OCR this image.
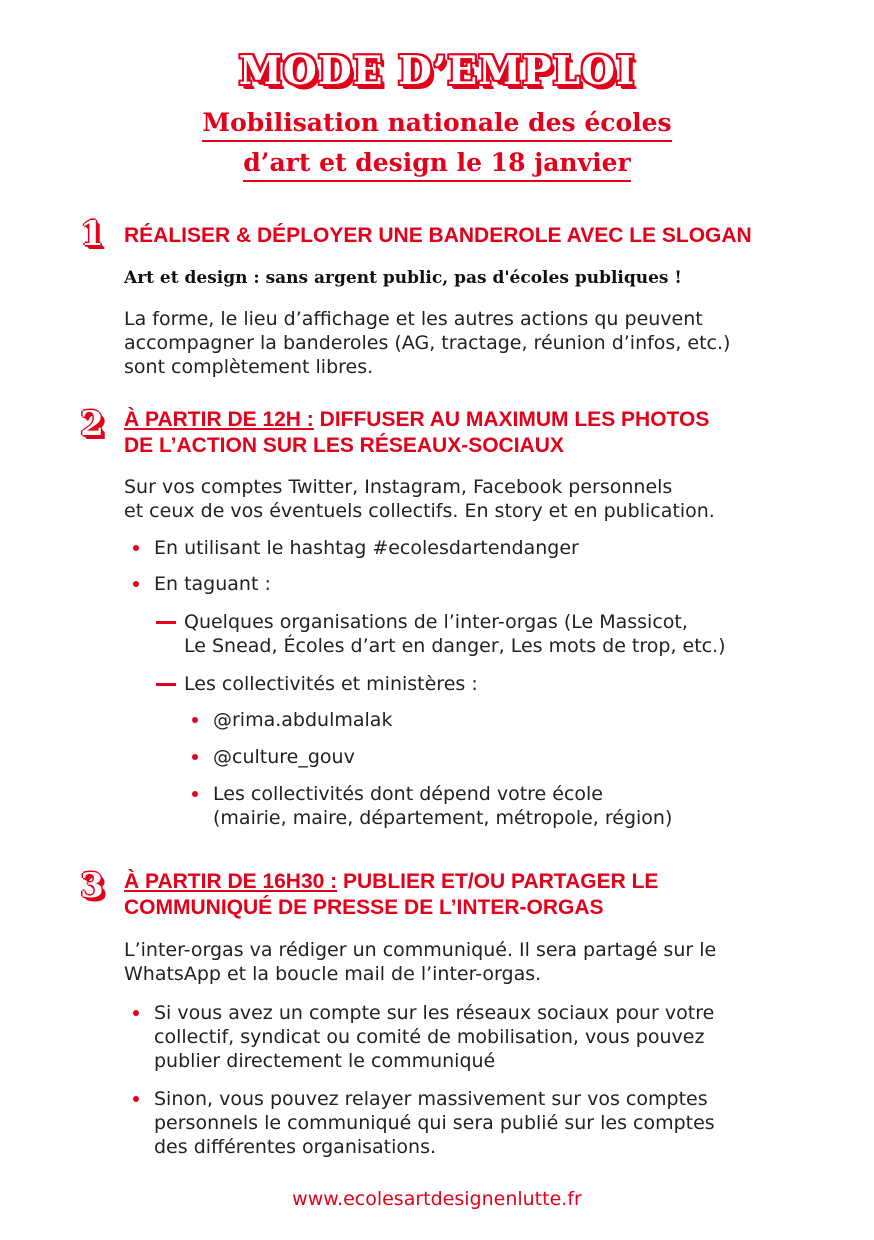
MODE D’EMPLOI
Mobilisation nationale des écoles
d’art et design le 18 janvier
1 RÉALISER & DÉPLOYER UNE BANDEROLE AVEC LE SLOGAN
Art et design : sans argent public, pas d'écoles publiques !
La forme, le lieu d’affichage et les autres actions qu peuvent
accompagner la banderoles (AG, tractage, réunion d’infos, etc.)
sont complètement libres.
2 À PARTIR DE 12H : DIFFUSER AU MAXIMUM LES PHOTOS
DE L’ACTION SUR LES RÉSEAUX-SOCIAUX
Sur vos comptes Twitter, Instagram, Facebook personnels
et ceux de vos éventuels collectifs. En story et en publication.
En utilisant le hashtag #ecolesdartendanger
En taguant :
Quelques organisations de l’inter-orgas (Le Massicot,
Le Snead, Écoles d’art en danger, Les mots de trop, etc.)
Les collectivités et ministères :
@rima.abdulmalak
@culture_gouv
Les collectivités dont dépend votre école
(mairie, maire, département, métropole, région)
3 À PARTIR DE 16H30 : PUBLIER ET/OU PARTAGER LE
COMMUNIQUÉ DE PRESSE DE L’INTER-ORGAS
L’inter-orgas va rédiger un communiqué. Il sera partagé sur le
WhatsApp et la boucle mail de l’inter-orgas.
Si vous avez un compte sur les réseaux sociaux pour votre
collectif, syndicat ou comité de mobilisation, vous pouvez
publier directement le communiqué
Sinon, vous pouvez relayer massivement sur vos comptes
personnels le communiqué qui sera publié sur les comptes
des différentes organisations.
www.ecolesartdesignenlutte.fr
